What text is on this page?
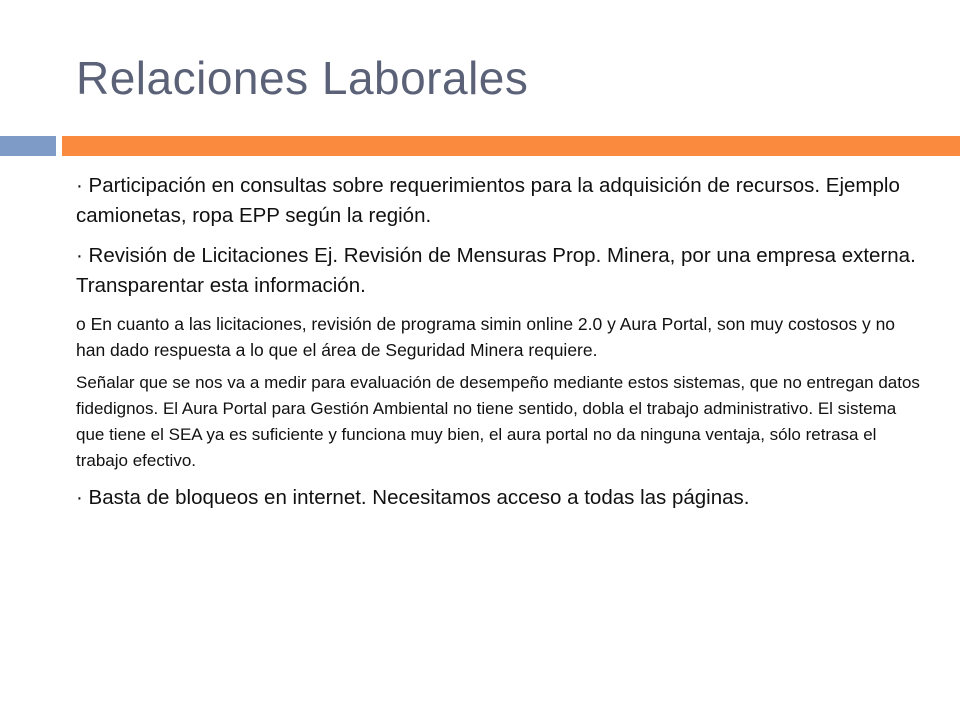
Relaciones Laborales

· Participación en consultas sobre requerimientos para la adquisición de recursos. Ejemplo camionetas, ropa EPP según la región.

· Revisión de Licitaciones Ej. Revisión de Mensuras Prop. Minera, por una empresa externa. Transparentar esta información.

o En cuanto a las licitaciones, revisión de programa simin online 2.0 y Aura Portal, son muy costosos y no han dado respuesta a lo que el área de Seguridad Minera requiere.

Señalar que se nos va a medir para evaluación de desempeño mediante estos sistemas, que no entregan datos fidedignos. El Aura Portal para Gestión Ambiental no tiene sentido, dobla el trabajo administrativo. El sistema que tiene el SEA ya es suficiente y funciona muy bien, el aura portal no da ninguna ventaja, sólo retrasa el trabajo efectivo.

· Basta de bloqueos en internet. Necesitamos acceso a todas las páginas.
